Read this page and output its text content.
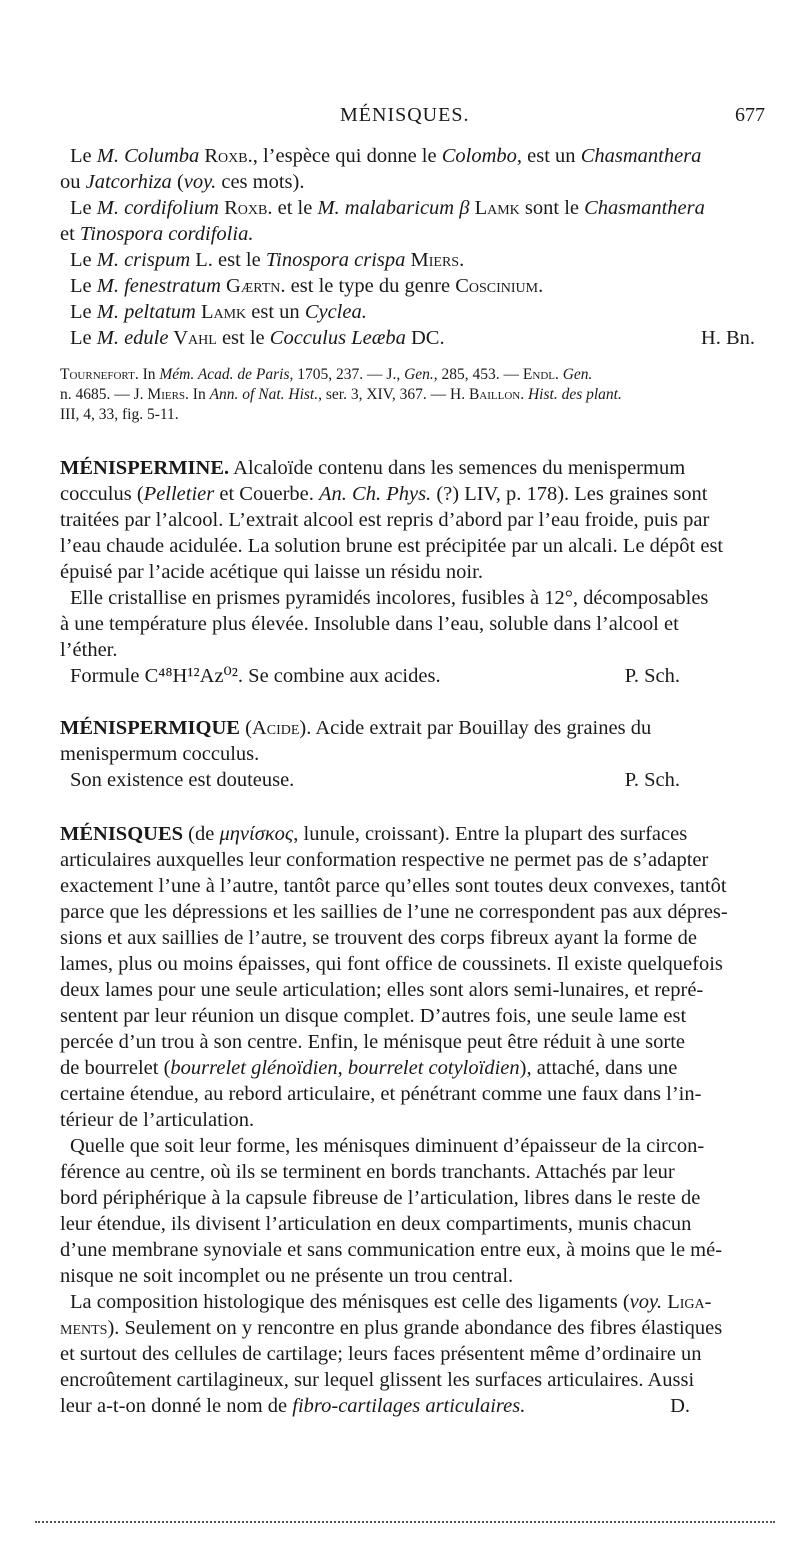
MÉNISQUES.	677
Le M. Columba Roxb., l’espèce qui donne le Colombo, est un Chasmanthera
ou Jatcorhiza (voy. ces mots).
Le M. cordifolium Roxb. et le M. malabaricum β Lamk sont le Chasmanthera
et Tinospora cordifolia.
Le M. crispum L. est le Tinospora crispa Miers.
Le M. fenestratum Gærtn. est le type du genre Coscinium.
Le M. peltatum Lamk est un Cyclea.
Le M. edule Vahl est le Cocculus Leæba DC.	H. Bn.
Tournefort. In Mém. Acad. de Paris, 1705, 237. — J., Gen., 285, 453. — Endl. Gen.
n. 4685. — J. Miers. In Ann. of Nat. Hist., ser. 3, XIV, 367. — H. Baillon. Hist. des plant.
III, 4, 33, fig. 5-11.
MÉNISPERMINE. Alcaloïde contenu dans les semences du menispermum
cocculus (Pelletier et Couerbe. An. Ch. Phys. (?) LIV, p. 178). Les graines sont
traitées par l’alcool. L’extrait alcool est repris d’abord par l’eau froide, puis par
l’eau chaude acidulée. La solution brune est précipitée par un alcali. Le dépôt est
épuisé par l’acide acétique qui laisse un résidu noir.
Elle cristallise en prismes pyramidés incolores, fusibles à 12°, décomposables
à une température plus élevée. Insoluble dans l’eau, soluble dans l’alcool et
l’éther.
Formule C⁴⁸H¹²Az⁰². Se combine aux acides.	P. Sch.
MÉNISPERMIQUE (Acide). Acide extrait par Bouillay des graines du
menispermum cocculus.
Son existence est douteuse.	P. Sch.
MÉNISQUES (de μηνίσκος, lunule, croissant). Entre la plupart des surfaces
articulaires auxquelles leur conformation respective ne permet pas de s’adapter
exactement l’une à l’autre, tantôt parce qu’elles sont toutes deux convexes, tantôt
parce que les dépressions et les saillies de l’une ne correspondent pas aux dépres-
sions et aux saillies de l’autre, se trouvent des corps fibreux ayant la forme de
lames, plus ou moins épaisses, qui font office de coussinets. Il existe quelquefois
deux lames pour une seule articulation; elles sont alors semi-lunaires, et repré-
sentent par leur réunion un disque complet. D’autres fois, une seule lame est
percée d’un trou à son centre. Enfin, le ménisque peut être réduit à une sorte
de bourrelet (bourrelet glénoïdien, bourrelet cotyloïdien), attaché, dans une
certaine étendue, au rebord articulaire, et pénétrant comme une faux dans l’in-
térieur de l’articulation.
Quelle que soit leur forme, les ménisques diminuent d’épaisseur de la circon-
férence au centre, où ils se terminent en bords tranchants. Attachés par leur
bord périphérique à la capsule fibreuse de l’articulation, libres dans le reste de
leur étendue, ils divisent l’articulation en deux compartiments, munis chacun
d’une membrane synoviale et sans communication entre eux, à moins que le mé-
nisque ne soit incomplet ou ne présente un trou central.
La composition histologique des ménisques est celle des ligaments (voy. Liga-
ments). Seulement on y rencontre en plus grande abondance des fibres élastiques
et surtout des cellules de cartilage; leurs faces présentent même d’ordinaire un
encroûtement cartilagineux, sur lequel glissent les surfaces articulaires. Aussi
leur a-t-on donné le nom de fibro-cartilages articulaires.	D.
